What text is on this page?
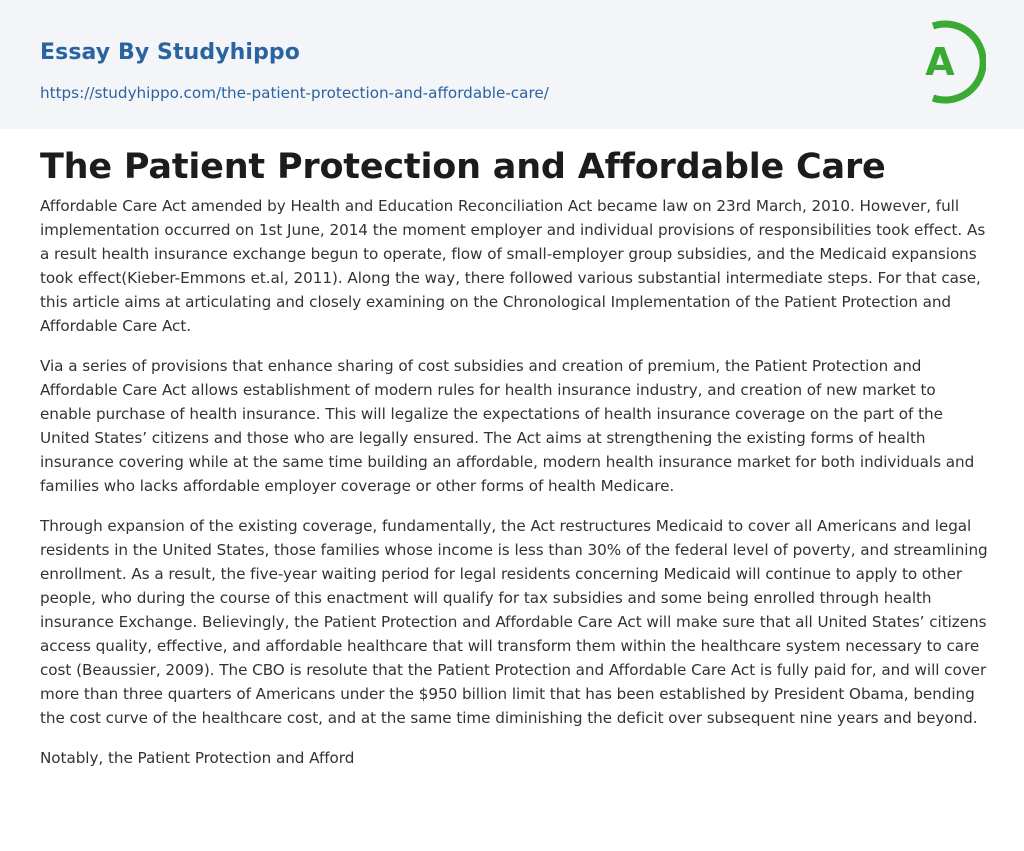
Essay By Studyhippo
https://studyhippo.com/the-patient-protection-and-affordable-care/
A
The Patient Protection and Affordable Care

Affordable Care Act amended by Health and Education Reconciliation Act became law on 23rd March, 2010. However, full implementation occurred on 1st June, 2014 the moment employer and individual provisions of responsibilities took effect. As a result health insurance exchange begun to operate, flow of small-employer group subsidies, and the Medicaid expansions took effect(Kieber-Emmons et.al, 2011). Along the way, there followed various substantial intermediate steps. For that case, this article aims at articulating and closely examining on the Chronological Implementation of the Patient Protection and Affordable Care Act.

Via a series of provisions that enhance sharing of cost subsidies and creation of premium, the Patient Protection and Affordable Care Act allows establishment of modern rules for health insurance industry, and creation of new market to enable purchase of health insurance. This will legalize the expectations of health insurance coverage on the part of the United States’ citizens and those who are legally ensured. The Act aims at strengthening the existing forms of health insurance covering while at the same time building an affordable, modern health insurance market for both individuals and families who lacks affordable employer coverage or other forms of health Medicare.

Through expansion of the existing coverage, fundamentally, the Act restructures Medicaid to cover all Americans and legal residents in the United States, those families whose income is less than 30% of the federal level of poverty, and streamlining enrollment. As a result, the five-year waiting period for legal residents concerning Medicaid will continue to apply to other people, who during the course of this enactment will qualify for tax subsidies and some being enrolled through health insurance Exchange. Believingly, the Patient Protection and Affordable Care Act will make sure that all United States’ citizens access quality, effective, and affordable healthcare that will transform them within the healthcare system necessary to care cost (Beaussier, 2009). The CBO is resolute that the Patient Protection and Affordable Care Act is fully paid for, and will cover more than three quarters of Americans under the $950 billion limit that has been established by President Obama, bending the cost curve of the healthcare cost, and at the same time diminishing the deficit over subsequent nine years and beyond.

Notably, the Patient Protection and Afford
